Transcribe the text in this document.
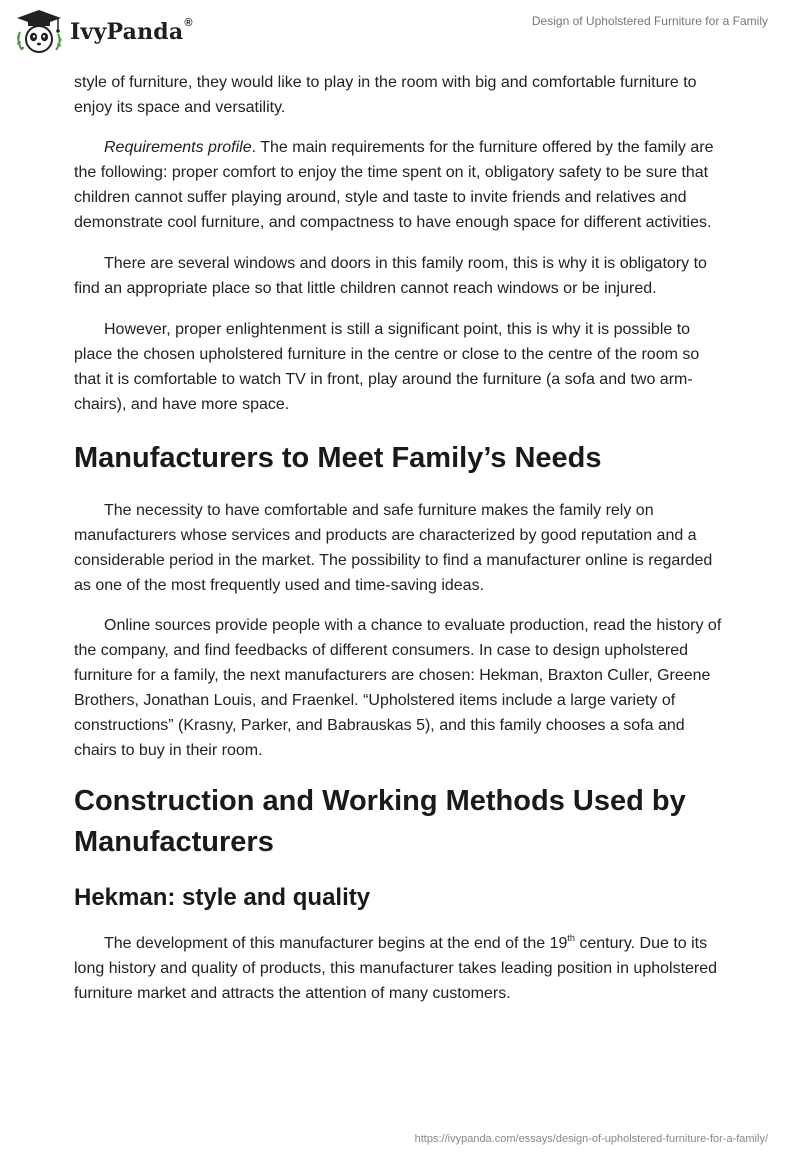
IvyPanda®	Design of Upholstered Furniture for a Family

style of furniture, they would like to play in the room with big and comfortable furniture to enjoy its space and versatility.

Requirements profile. The main requirements for the furniture offered by the family are the following: proper comfort to enjoy the time spent on it, obligatory safety to be sure that children cannot suffer playing around, style and taste to invite friends and relatives and demonstrate cool furniture, and compactness to have enough space for different activities.

There are several windows and doors in this family room, this is why it is obligatory to find an appropriate place so that little children cannot reach windows or be injured.

However, proper enlightenment is still a significant point, this is why it is possible to place the chosen upholstered furniture in the centre or close to the centre of the room so that it is comfortable to watch TV in front, play around the furniture (a sofa and two arm-chairs), and have more space.

Manufacturers to Meet Family’s Needs

The necessity to have comfortable and safe furniture makes the family rely on manufacturers whose services and products are characterized by good reputation and a considerable period in the market. The possibility to find a manufacturer online is regarded as one of the most frequently used and time-saving ideas.

Online sources provide people with a chance to evaluate production, read the history of the company, and find feedbacks of different consumers. In case to design upholstered furniture for a family, the next manufacturers are chosen: Hekman, Braxton Culler, Greene Brothers, Jonathan Louis, and Fraenkel. “Upholstered items include a large variety of constructions” (Krasny, Parker, and Babrauskas 5), and this family chooses a sofa and chairs to buy in their room.

Construction and Working Methods Used by Manufacturers
Hekman: style and quality

The development of this manufacturer begins at the end of the 19th century. Due to its long history and quality of products, this manufacturer takes leading position in upholstered furniture market and attracts the attention of many customers.

https://ivypanda.com/essays/design-of-upholstered-furniture-for-a-family/
